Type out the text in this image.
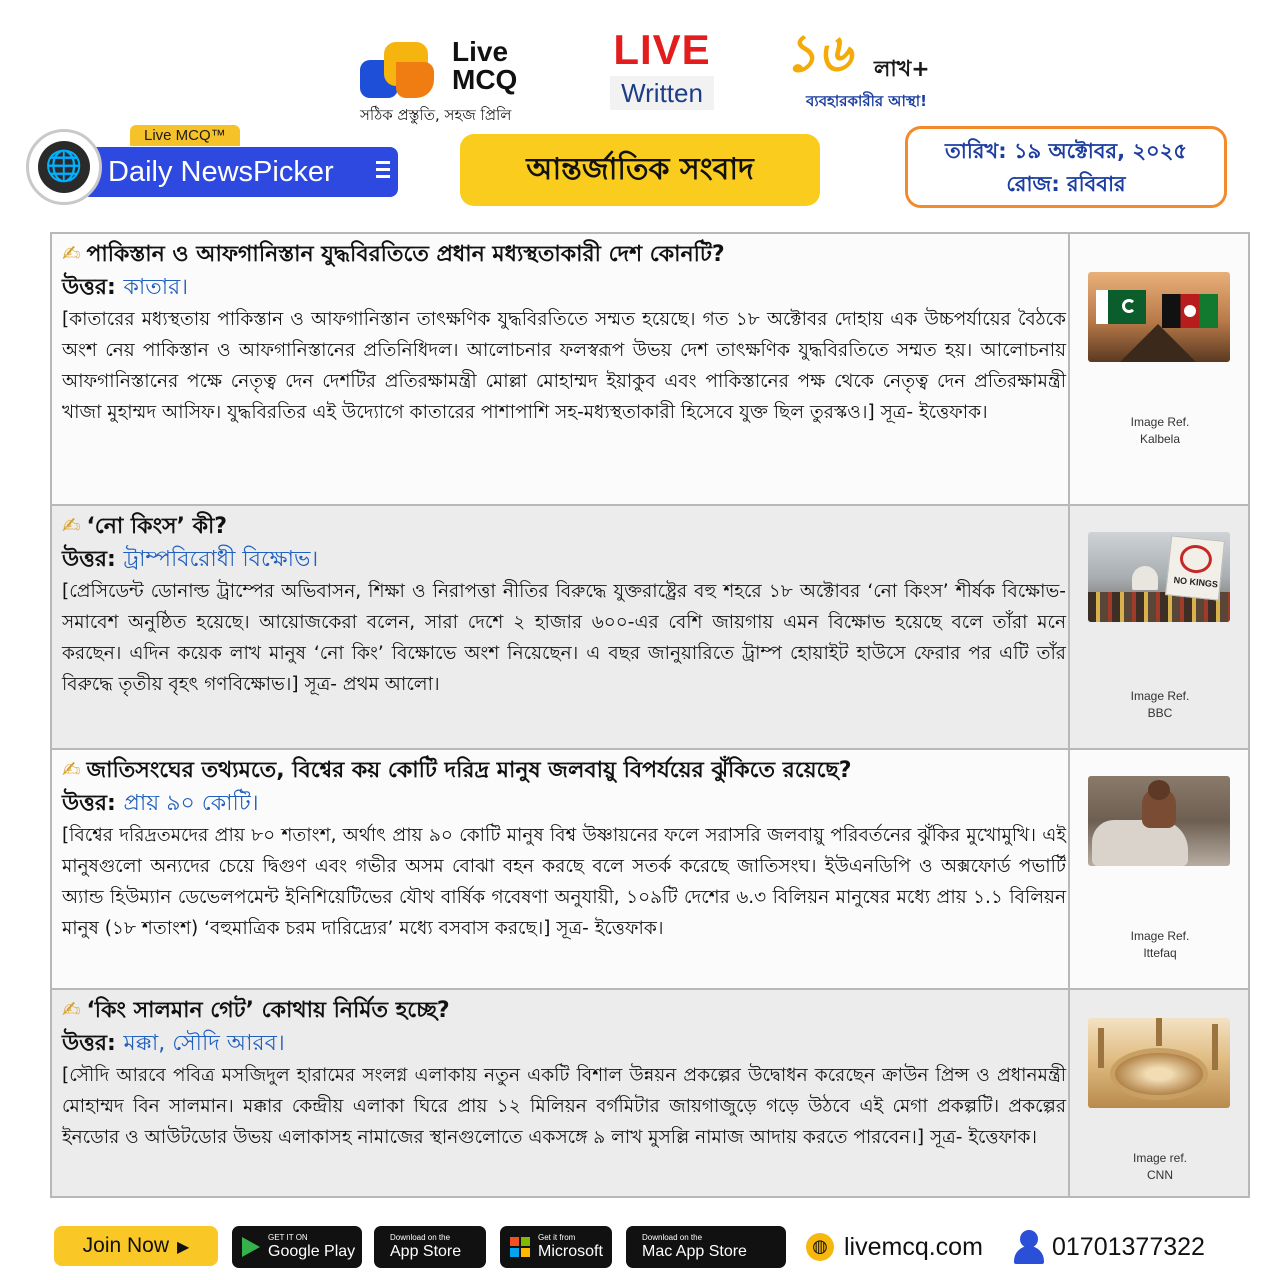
Live
MCQ
সঠিক প্রস্তুতি, সহজ প্রিলি
LIVE
Written
১৬ লাখ+
ব্যবহারকারীর আস্থা!
Live MCQ™
🌐 Daily NewsPicker	আন্তর্জাতিক সংবাদ
তারিখ: ১৯ অক্টোবর, ২০২৫
রোজ: রবিবার
✍ পাকিস্তান ও আফগানিস্তান যুদ্ধবিরতিতে প্রধান মধ্যস্থতাকারী দেশ কোনটি?
উত্তর: কাতার।
[কাতারের মধ্যস্থতায় পাকিস্তান ও আফগানিস্তান তাৎক্ষণিক যুদ্ধবিরতিতে সম্মত হয়েছে। গত ১৮ অক্টোবর দোহায় এক উচ্চপর্যায়ের বৈঠকে অংশ নেয় পাকিস্তান ও আফগানিস্তানের প্রতিনিধিদল। আলোচনার ফলস্বরূপ উভয় দেশ তাৎক্ষণিক যুদ্ধবিরতিতে সম্মত হয়। আলোচনায় আফগানিস্তানের পক্ষে নেতৃত্ব দেন দেশটির প্রতিরক্ষামন্ত্রী মোল্লা মোহাম্মদ ইয়াকুব এবং পাকিস্তানের পক্ষ থেকে নেতৃত্ব দেন প্রতিরক্ষামন্ত্রী খাজা মুহাম্মদ আসিফ। যুদ্ধবিরতির এই উদ্যোগে কাতারের পাশাপাশি সহ-মধ্যস্থতাকারী হিসেবে যুক্ত ছিল তুরস্কও।] সূত্র- ইত্তেফাক।	Image Ref.
Kalbela
✍ ‘নো কিংস’ কী?
উত্তর: ট্রাম্পবিরোধী বিক্ষোভ।
[প্রেসিডেন্ট ডোনাল্ড ট্রাম্পের অভিবাসন, শিক্ষা ও নিরাপত্তা নীতির বিরুদ্ধে যুক্তরাষ্ট্রের বহু শহরে ১৮ অক্টোবর ‘নো কিংস’ শীর্ষক বিক্ষোভ-সমাবেশ অনুষ্ঠিত হয়েছে। আয়োজকেরা বলেন, সারা দেশে ২ হাজার ৬০০-এর বেশি জায়গায় এমন বিক্ষোভ হয়েছে বলে তাঁরা মনে করছেন। এদিন কয়েক লাখ মানুষ ‘নো কিং’ বিক্ষোভে অংশ নিয়েছেন। এ বছর জানুয়ারিতে ট্রাম্প হোয়াইট হাউসে ফেরার পর এটি তাঁর বিরুদ্ধে তৃতীয় বৃহৎ গণবিক্ষোভ।] সূত্র- প্রথম আলো।
NO KINGS
Image Ref.
BBC
✍ জাতিসংঘের তথ্যমতে, বিশ্বের কয় কোটি দরিদ্র মানুষ জলবায়ু বিপর্যয়ের ঝুঁকিতে রয়েছে?
উত্তর: প্রায় ৯০ কোটি।
[বিশ্বের দরিদ্রতমদের প্রায় ৮০ শতাংশ, অর্থাৎ প্রায় ৯০ কোটি মানুষ বিশ্ব উষ্ণায়নের ফলে সরাসরি জলবায়ু পরিবর্তনের ঝুঁকির মুখোমুখি। এই মানুষগুলো অন্যদের চেয়ে দ্বিগুণ এবং গভীর অসম বোঝা বহন করছে বলে সতর্ক করেছে জাতিসংঘ। ইউএনডিপি ও অক্সফোর্ড পভার্টি অ্যান্ড হিউম্যান ডেভেলপমেন্ট ইনিশিয়েটিভের যৌথ বার্ষিক গবেষণা অনুযায়ী, ১০৯টি দেশের ৬.৩ বিলিয়ন মানুষের মধ্যে প্রায় ১.১ বিলিয়ন মানুষ (১৮ শতাংশ) ‘বহুমাত্রিক চরম দারিদ্র্যের’ মধ্যে বসবাস করছে।] সূত্র- ইত্তেফাক।	Image Ref.
Ittefaq
✍ ‘কিং সালমান গেট’ কোথায় নির্মিত হচ্ছে?
উত্তর: মক্কা, সৌদি আরব।
[সৌদি আরবে পবিত্র মসজিদুল হারামের সংলগ্ন এলাকায় নতুন একটি বিশাল উন্নয়ন প্রকল্পের উদ্বোধন করেছেন ক্রাউন প্রিন্স ও প্রধানমন্ত্রী মোহাম্মদ বিন সালমান। মক্কার কেন্দ্রীয় এলাকা ঘিরে প্রায় ১২ মিলিয়ন বর্গমিটার জায়গাজুড়ে গড়ে উঠবে এই মেগা প্রকল্পটি। প্রকল্পের ইনডোর ও আউটডোর উভয় এলাকাসহ নামাজের স্থানগুলোতে একসঙ্গে ৯ লাখ মুসল্লি নামাজ আদায় করতে পারবেন।] সূত্র- ইত্তেফাক।
Image ref.
CNN
Join Now ▶	GET IT ON
Google Play
Download on the
App Store
Get it from
Microsoft
Download on the
Mac App Store	◍ livemcq.com	01701377322
